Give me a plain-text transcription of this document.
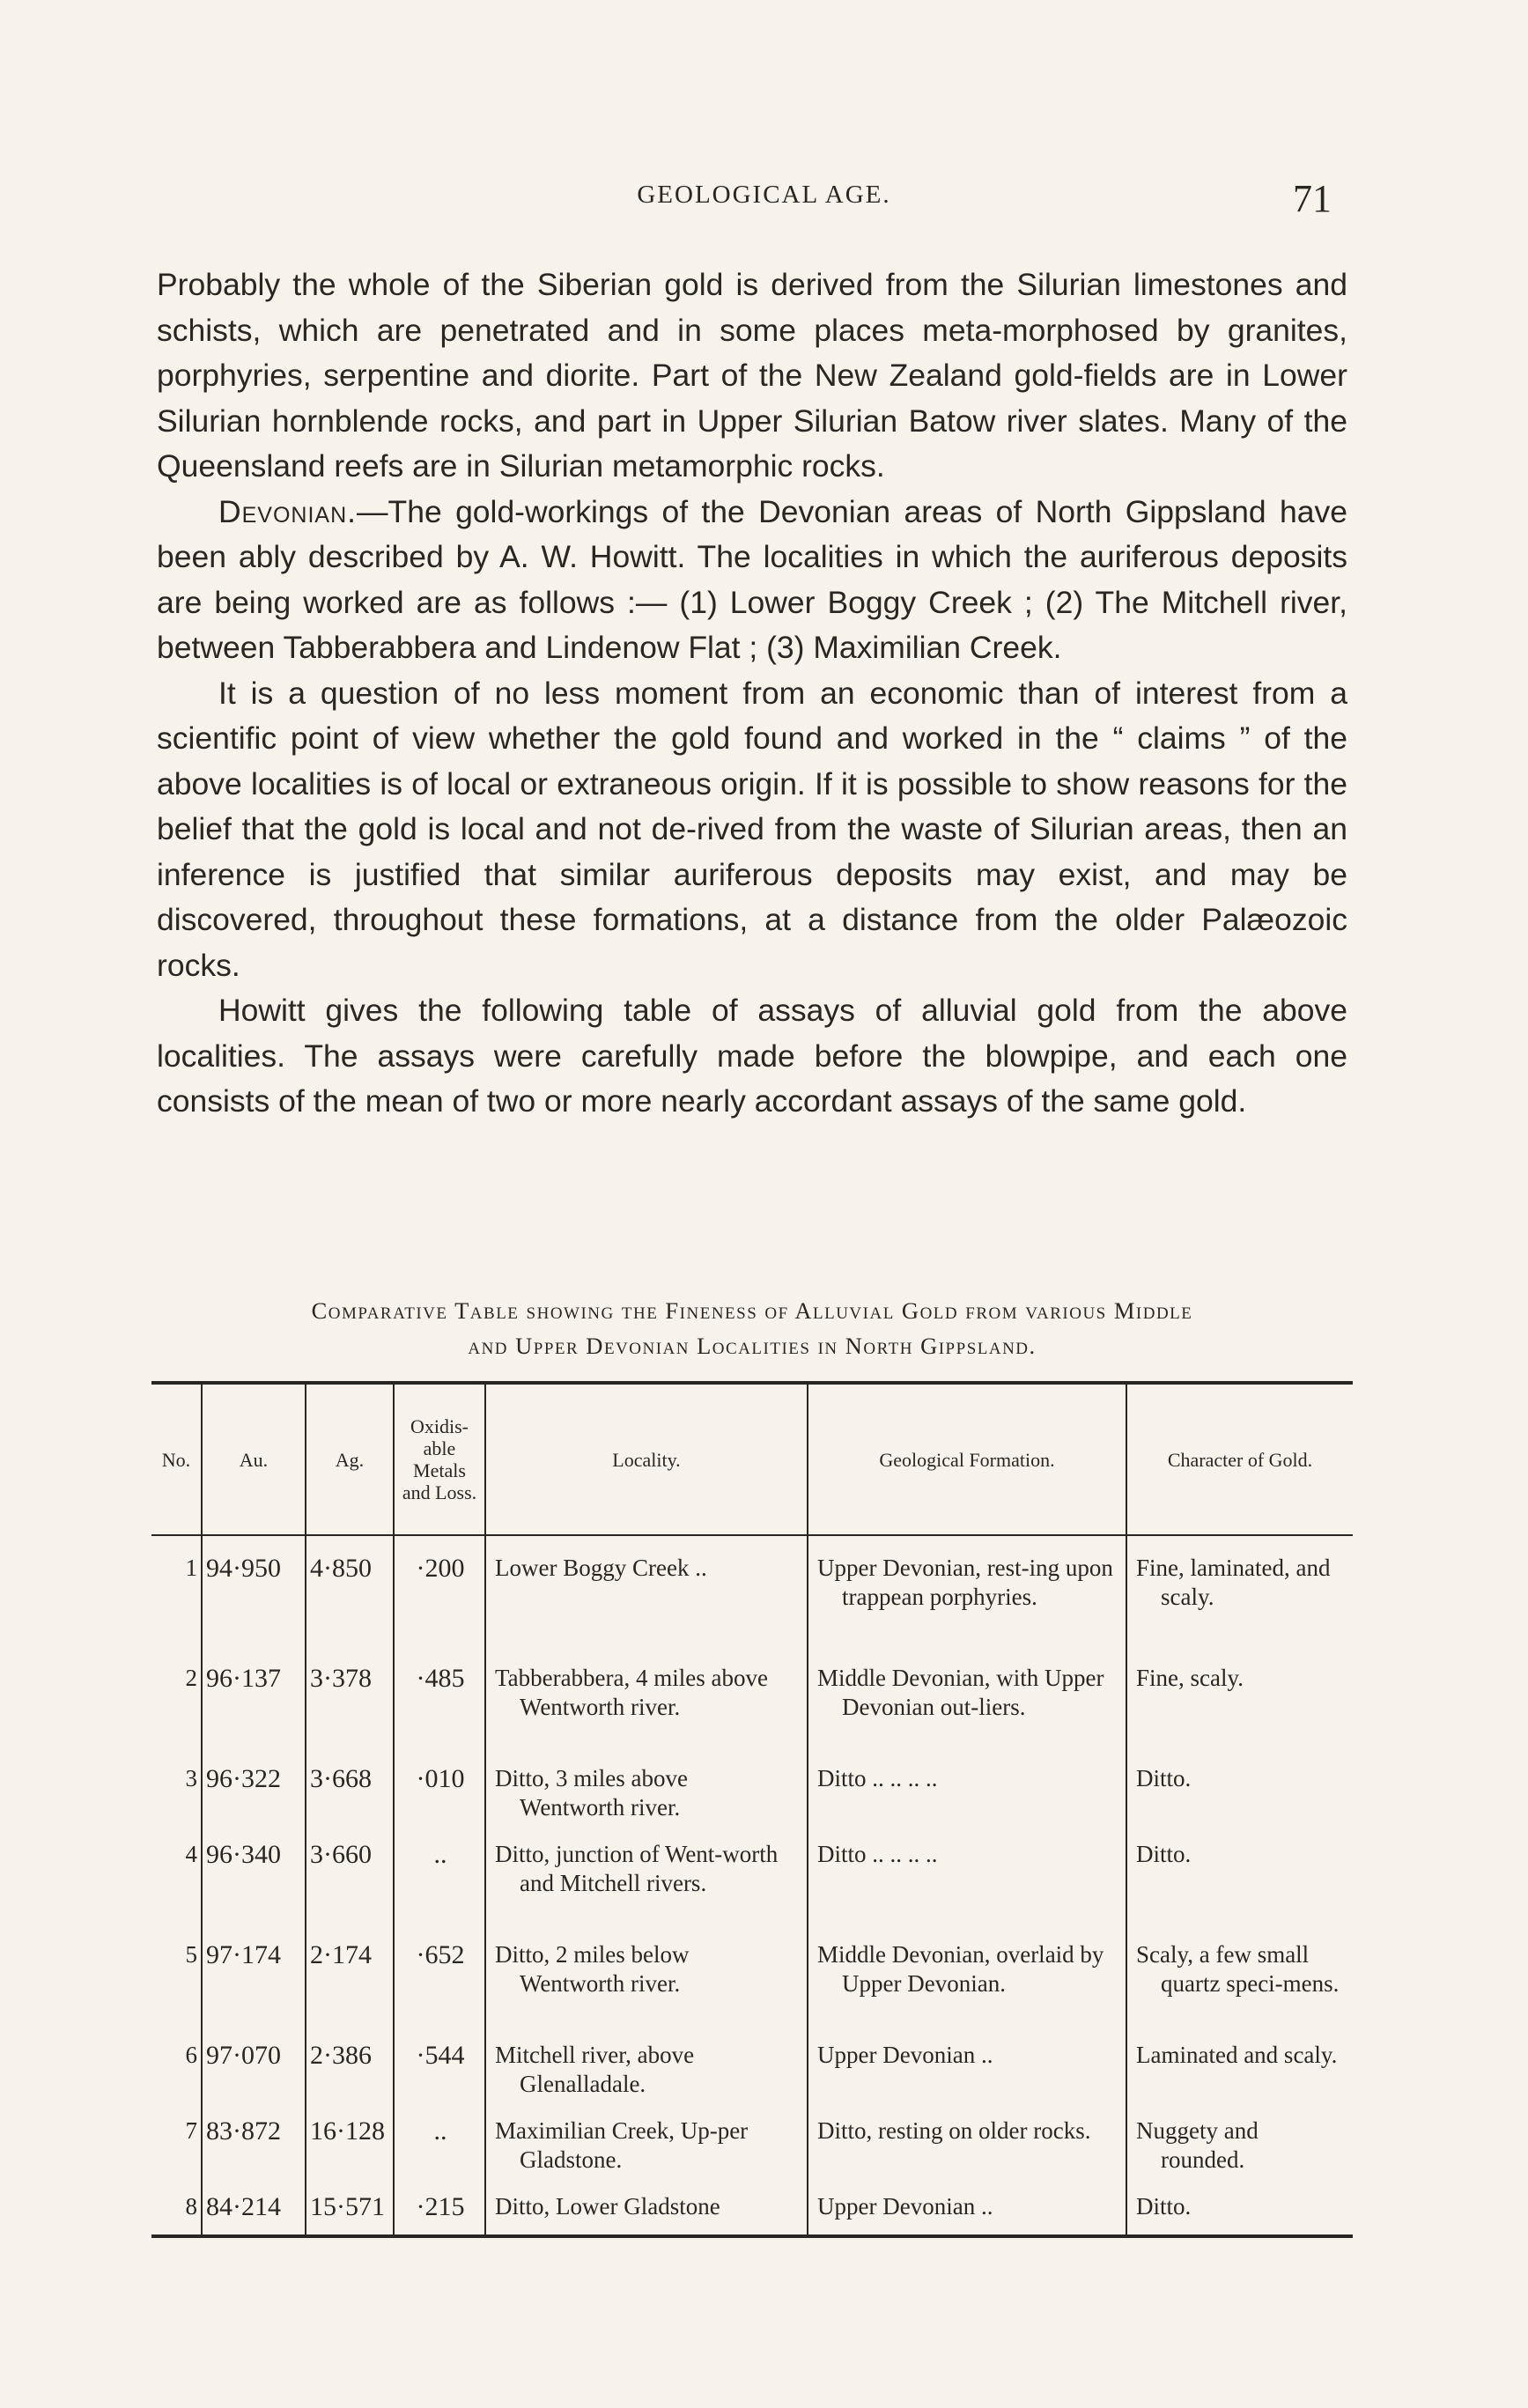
GEOLOGICAL AGE.	71

Probably the whole of the Siberian gold is derived from the Silurian limestones and schists, which are penetrated and in some places meta-morphosed by granites, porphyries, serpentine and diorite. Part of the New Zealand gold-fields are in Lower Silurian hornblende rocks, and part in Upper Silurian Batow river slates. Many of the Queensland reefs are in Silurian metamorphic rocks.

Devonian.—The gold-workings of the Devonian areas of North Gippsland have been ably described by A. W. Howitt. The localities in which the auriferous deposits are being worked are as follows :— (1) Lower Boggy Creek ; (2) The Mitchell river, between Tabberabbera and Lindenow Flat ; (3) Maximilian Creek.

It is a question of no less moment from an economic than of interest from a scientific point of view whether the gold found and worked in the “ claims ” of the above localities is of local or extraneous origin. If it is possible to show reasons for the belief that the gold is local and not de-rived from the waste of Silurian areas, then an inference is justified that similar auriferous deposits may exist, and may be discovered, throughout these formations, at a distance from the older Palæozoic rocks.

Howitt gives the following table of assays of alluvial gold from the above localities. The assays were carefully made before the blowpipe, and each one consists of the mean of two or more nearly accordant assays of the same gold.

Comparative Table showing the Fineness of Alluvial Gold from various Middle
and Upper Devonian Localities in North Gippsland.
No.	Au.	Ag.	Oxidis-able Metals and Loss.	Locality.	Geological Formation.	Character of Gold.
1	94·950	4·850	·200	Lower Boggy Creek ..	Upper Devonian, rest-ing upon trappean porphyries.	Fine, laminated, and scaly.

2	96·137	3·378	·485	Tabberabbera, 4 miles above Wentworth river.	Middle Devonian, with Upper Devonian out-liers.	Fine, scaly.

3	96·322	3·668	·010	Ditto, 3 miles above Wentworth river.	Ditto .. .. .. ..	Ditto.

4	96·340	3·660	..	Ditto, junction of Went-worth and Mitchell rivers.	Ditto .. .. .. ..	Ditto.

5	97·174	2·174	·652	Ditto, 2 miles below Wentworth river.	Middle Devonian, overlaid by Upper Devonian.	Scaly, a few small quartz speci-mens.

6	97·070	2·386	·544	Mitchell river, above Glenalladale.	Upper Devonian ..	Laminated and scaly.

7	83·872	16·128	..	Maximilian Creek, Up-per Gladstone.	Ditto, resting on older rocks.	Nuggety and rounded.

8	84·214	15·571	·215	Ditto, Lower Gladstone	Upper Devonian ..	Ditto.
